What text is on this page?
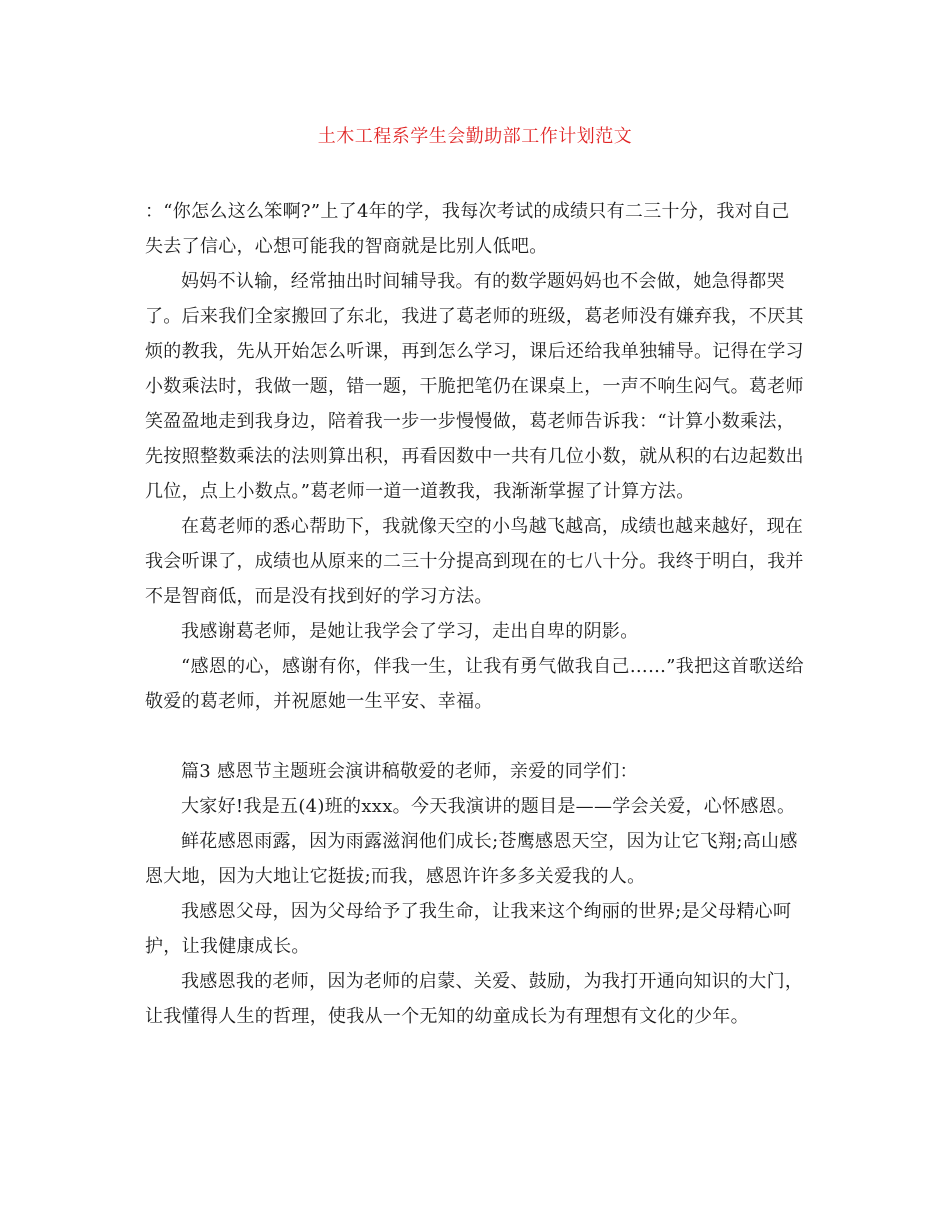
土木工程系学生会勤助部工作计划范文

：“你怎么这么笨啊?”上了4年的学，我每次考试的成绩只有二三十分，我对自己失去了信心，心想可能我的智商就是比别人低吧。

妈妈不认输，经常抽出时间辅导我。有的数学题妈妈也不会做，她急得都哭了。后来我们全家搬回了东北，我进了葛老师的班级，葛老师没有嫌弃我，不厌其烦的教我，先从开始怎么听课，再到怎么学习，课后还给我单独辅导。记得在学习小数乘法时，我做一题，错一题，干脆把笔仍在课桌上，一声不响生闷气。葛老师笑盈盈地走到我身边，陪着我一步一步慢慢做，葛老师告诉我：“计算小数乘法，先按照整数乘法的法则算出积，再看因数中一共有几位小数，就从积的右边起数出几位，点上小数点。”葛老师一道一道教我，我渐渐掌握了计算方法。

在葛老师的悉心帮助下，我就像天空的小鸟越飞越高，成绩也越来越好，现在我会听课了，成绩也从原来的二三十分提高到现在的七八十分。我终于明白，我并不是智商低，而是没有找到好的学习方法。

我感谢葛老师，是她让我学会了学习，走出自卑的阴影。

“感恩的心，感谢有你，伴我一生，让我有勇气做我自己……”我把这首歌送给敬爱的葛老师，并祝愿她一生平安、幸福。

篇3 感恩节主题班会演讲稿敬爱的老师，亲爱的同学们：

大家好!我是五(4)班的xxx。今天我演讲的题目是——学会关爱，心怀感恩。

鲜花感恩雨露，因为雨露滋润他们成长;苍鹰感恩天空，因为让它飞翔;高山感恩大地，因为大地让它挺拔;而我，感恩许许多多关爱我的人。

我感恩父母，因为父母给予了我生命，让我来这个绚丽的世界;是父母精心呵护，让我健康成长。

我感恩我的老师，因为老师的启蒙、关爱、鼓励，为我打开通向知识的大门，让我懂得人生的哲理，使我从一个无知的幼童成长为有理想有文化的少年。
